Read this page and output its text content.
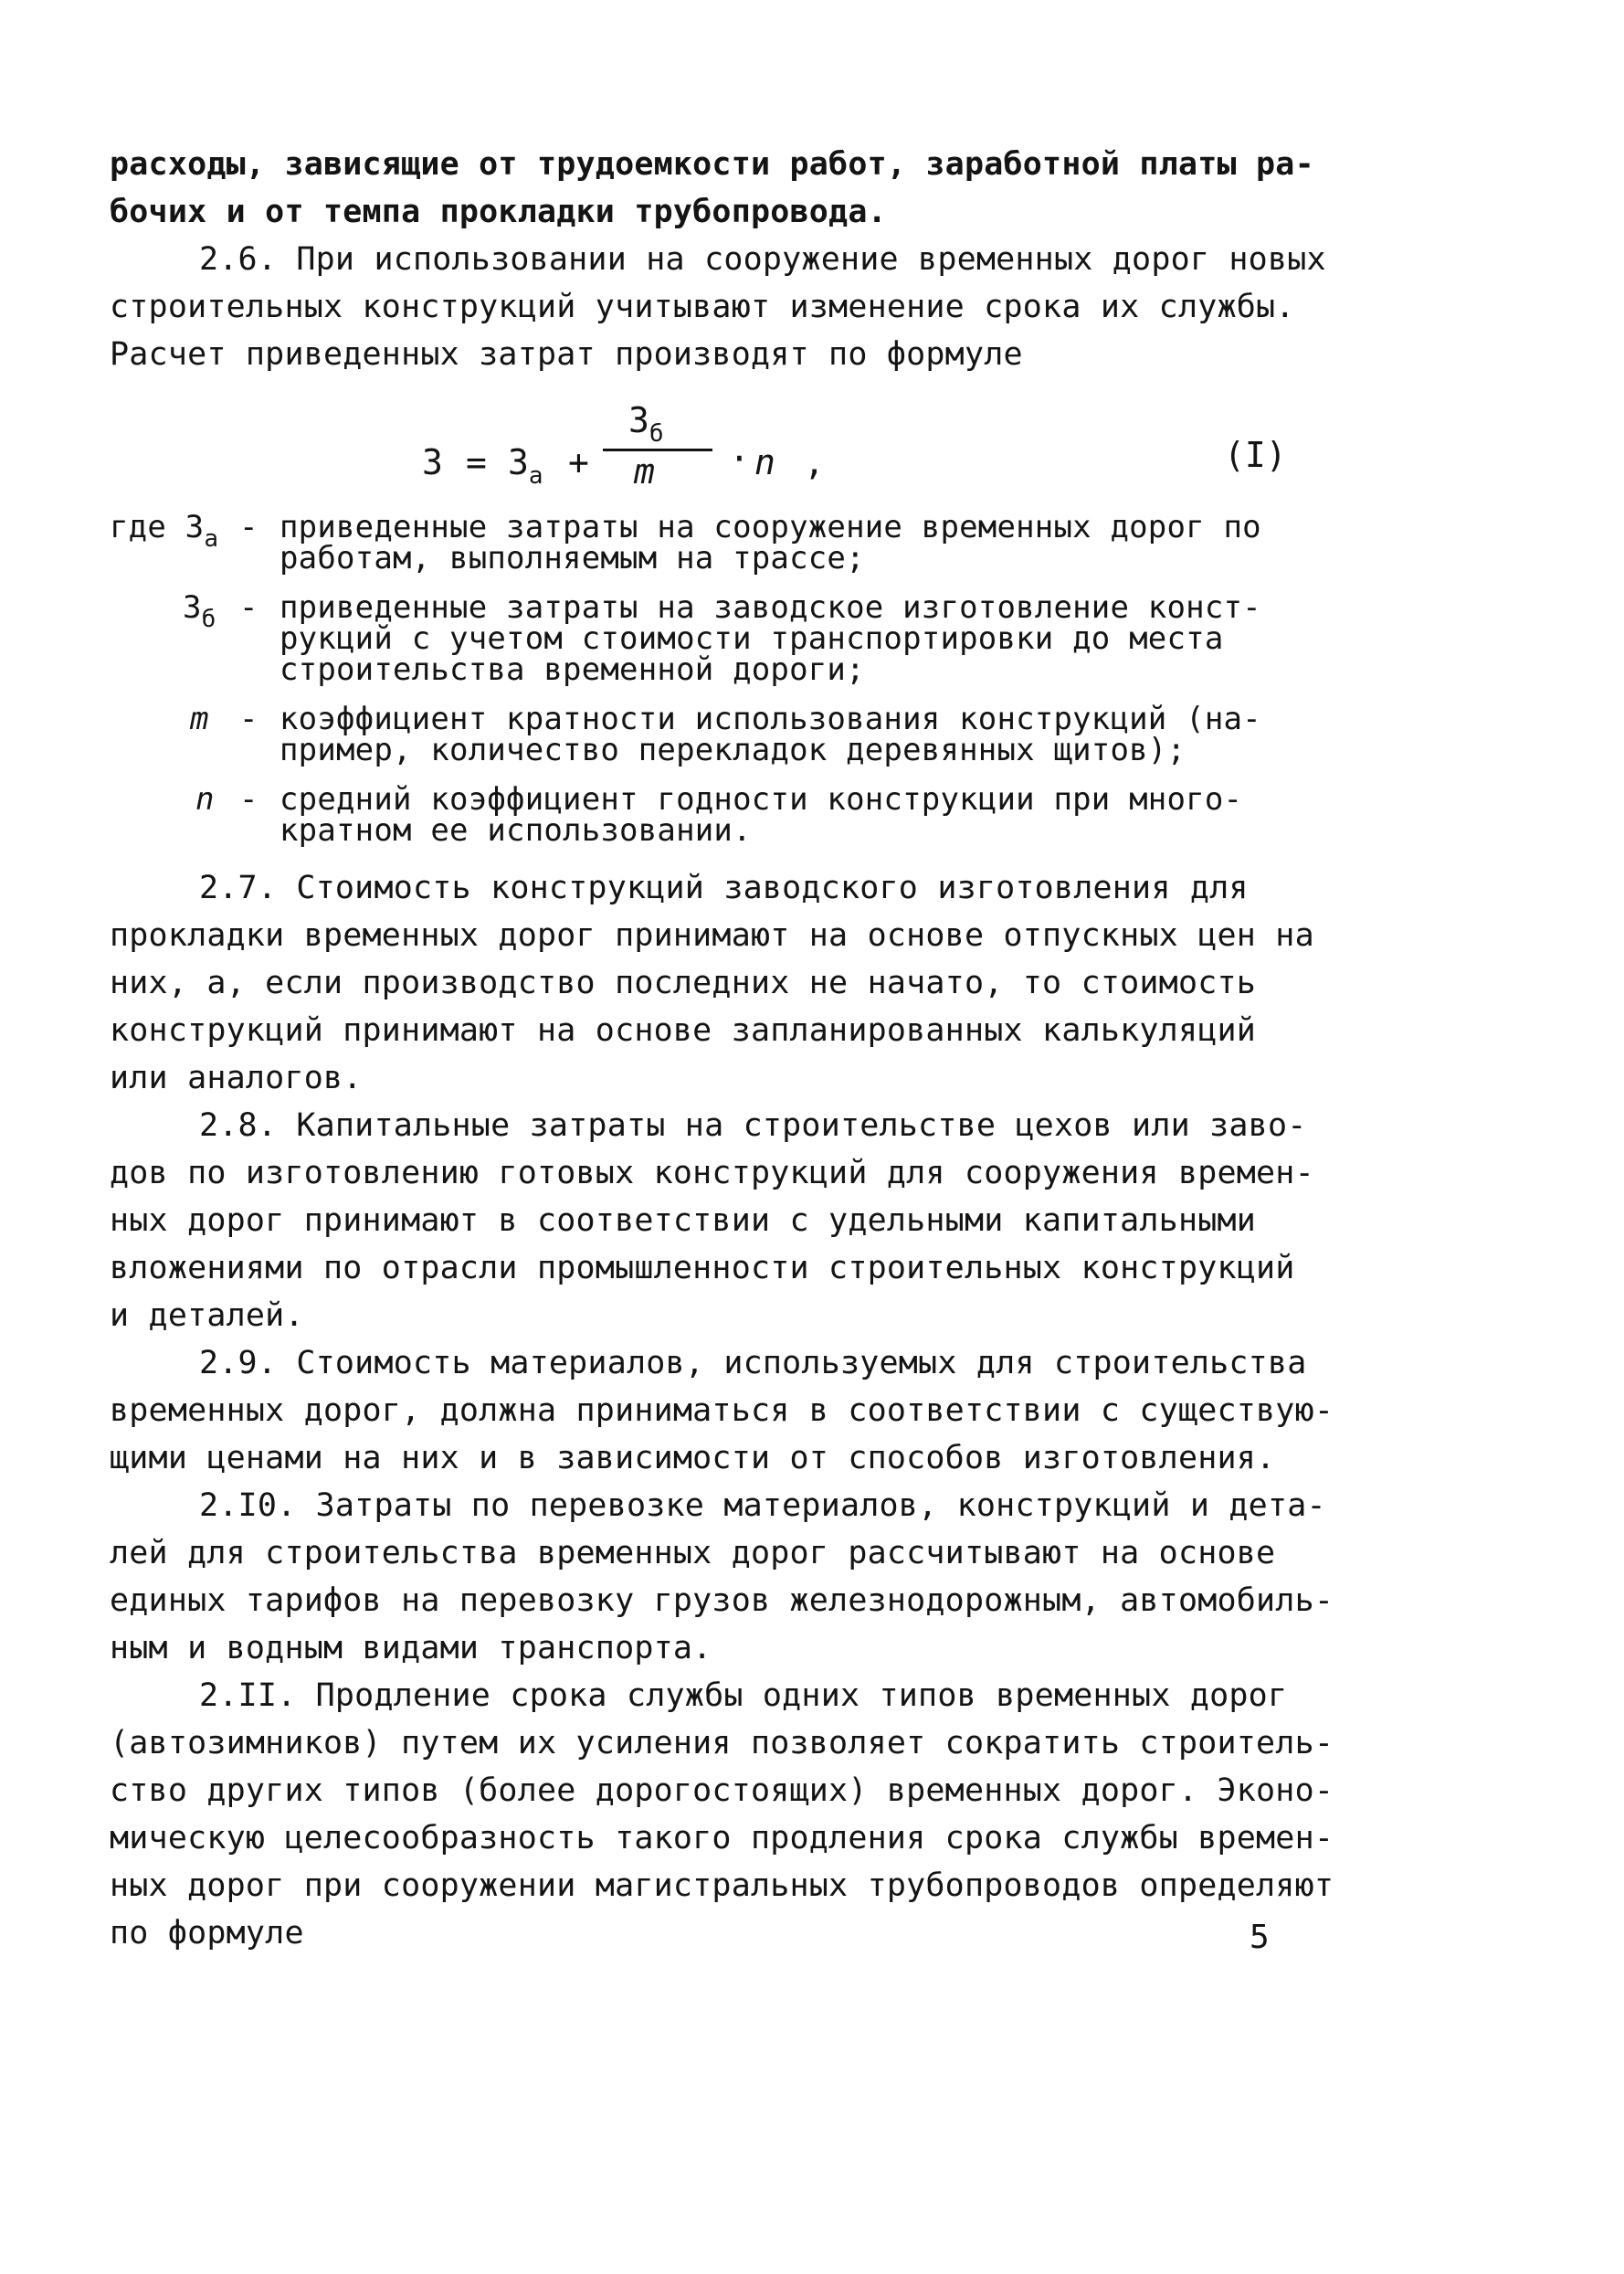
расходы, зависящие от трудоемкости работ, заработной платы ра-
бочих и от темпа прокладки трубопровода.
2.6. При использовании на сооружение временных дорог новых
строительных конструкций учитывают изменение срока их службы.
Расчет приведенных затрат производят по формуле
$З = З_а$ +
$З_б$
m · n ,	(I)
где $З_а$ - приведенные затраты на сооружение временных дорог по
работам, выполняемым на трассе;
$З_б$ - приведенные затраты на заводское изготовление конст-
рукций с учетом стоимости транспортировки до места
строительства временной дороги;
m - коэффициент кратности использования конструкций (на-
пример, количество перекладок деревянных щитов);
n - средний коэффициент годности конструкции при много-
кратном ее использовании.
2.7. Стоимость конструкций заводского изготовления для
прокладки временных дорог принимают на основе отпускных цен на
них, а, если производство последних не начато, то стоимость
конструкций принимают на основе запланированных калькуляций
или аналогов.
2.8. Капитальные затраты на строительстве цехов или заво-
дов по изготовлению готовых конструкций для сооружения времен-
ных дорог принимают в соответствии с удельными капитальными
вложениями по отрасли промышленности строительных конструкций
и деталей.
2.9. Стоимость материалов, используемых для строительства
временных дорог, должна приниматься в соответствии с существую-
щими ценами на них и в зависимости от способов изготовления.
2.I0. Затраты по перевозке материалов, конструкций и дета-
лей для строительства временных дорог рассчитывают на основе
единых тарифов на перевозку грузов железнодорожным, автомобиль-
ным и водным видами транспорта.
2.II. Продление срока службы одних типов временных дорог
(автозимников) путем их усиления позволяет сократить строитель-
ство других типов (более дорогостоящих) временных дорог. Эконо-
мическую целесообразность такого продления срока службы времен-
ных дорог при сооружении магистральных трубопроводов определяют
по формуле	5
